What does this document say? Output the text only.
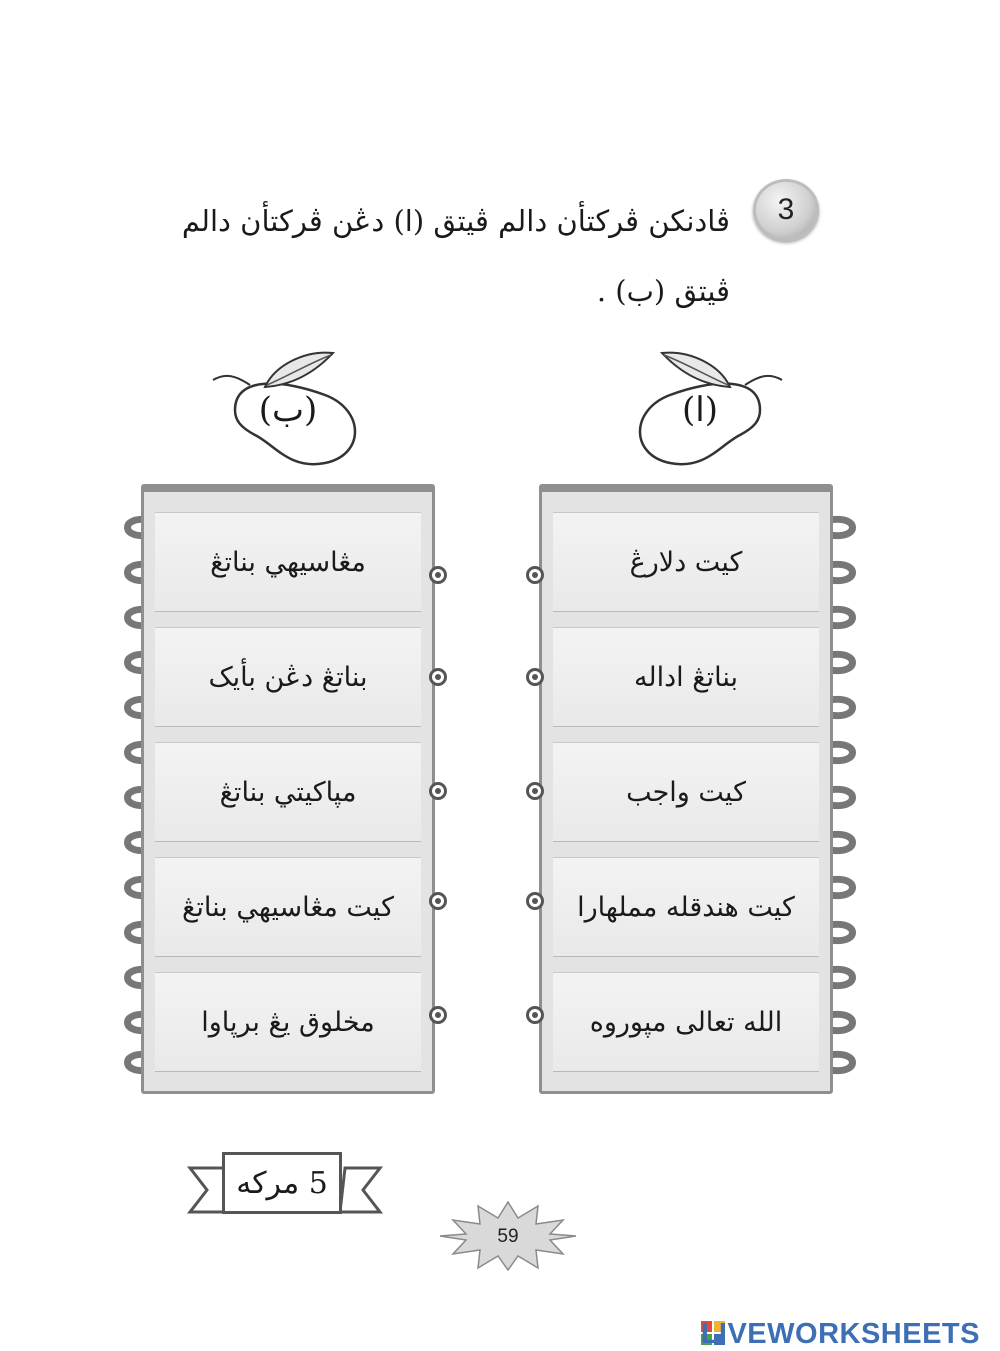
3
ڤادنکن ڤرکتأن دالم ڤيتق (ا) دڠن ڤرکتأن دالم ڤيتق (ب) .
(ب)	(ا)
مڠاسيهي بناتڠ
بناتڠ دڠن بأيک
مپاکيتي بناتڠ
کيت مڠاسيهي بناتڠ
مخلوق يڠ برڽاوا
کيت دلارڠ
بناتڠ اداله
کيت واجب
کيت هندقله مملهارا
الله تعالى مپوروه
5 مرکه
59
LIVEWORKSHEETS
